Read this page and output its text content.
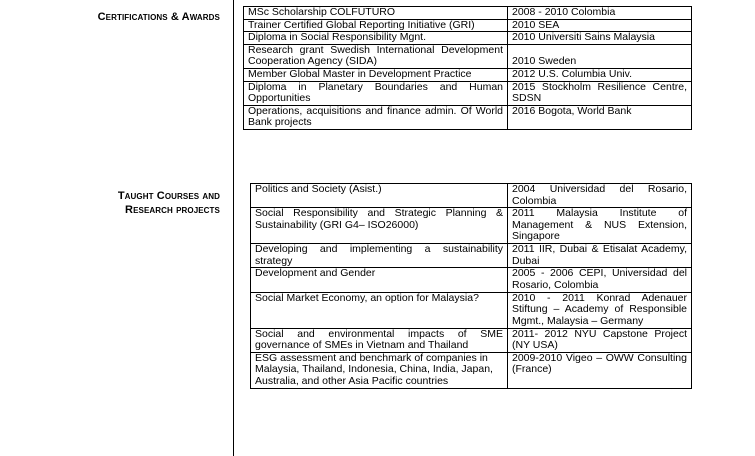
Certifications & Awards	MSc Scholarship COLFUTURO	2008 - 2010 Colombia
Trainer Certified Global Reporting Initiative (GRI)	2010 SEA
Diploma in Social Responsibility Mgnt.	2010 Universiti Sains Malaysia
Research grant Swedish International Development Cooperation Agency (SIDA)	2010 Sweden
Member Global Master in Development Practice	2012 U.S. Columbia Univ.
Diploma in Planetary Boundaries and Human Opportunities	2015 Stockholm Resilience Centre, SDSN
Operations, acquisitions and finance admin. Of World Bank projects	2016 Bogota, World Bank
Taught Courses and Research projects
Politics and Society (Asist.)	2004 Universidad del Rosario, Colombia
Social Responsibility and Strategic Planning & Sustainability (GRI G4– ISO26000)	2011 Malaysia Institute of Management & NUS Extension, Singapore
Developing and implementing a sustainability strategy	2011 IIR, Dubai & Etisalat Academy, Dubai
Development and Gender	2005 - 2006 CEPI, Universidad del Rosario, Colombia
Social Market Economy, an option for Malaysia?	2010 - 2011 Konrad Adenauer Stiftung – Academy of Responsible Mgmt., Malaysia – Germany
Social and environmental impacts of SME governance of SMEs in Vietnam and Thailand	2011- 2012 NYU Capstone Project (NY USA)
ESG assessment and benchmark of companies in Malaysia, Thailand, Indonesia, China, India, Japan, Australia, and other Asia Pacific countries	2009-2010 Vigeo – OWW Consulting (France)
